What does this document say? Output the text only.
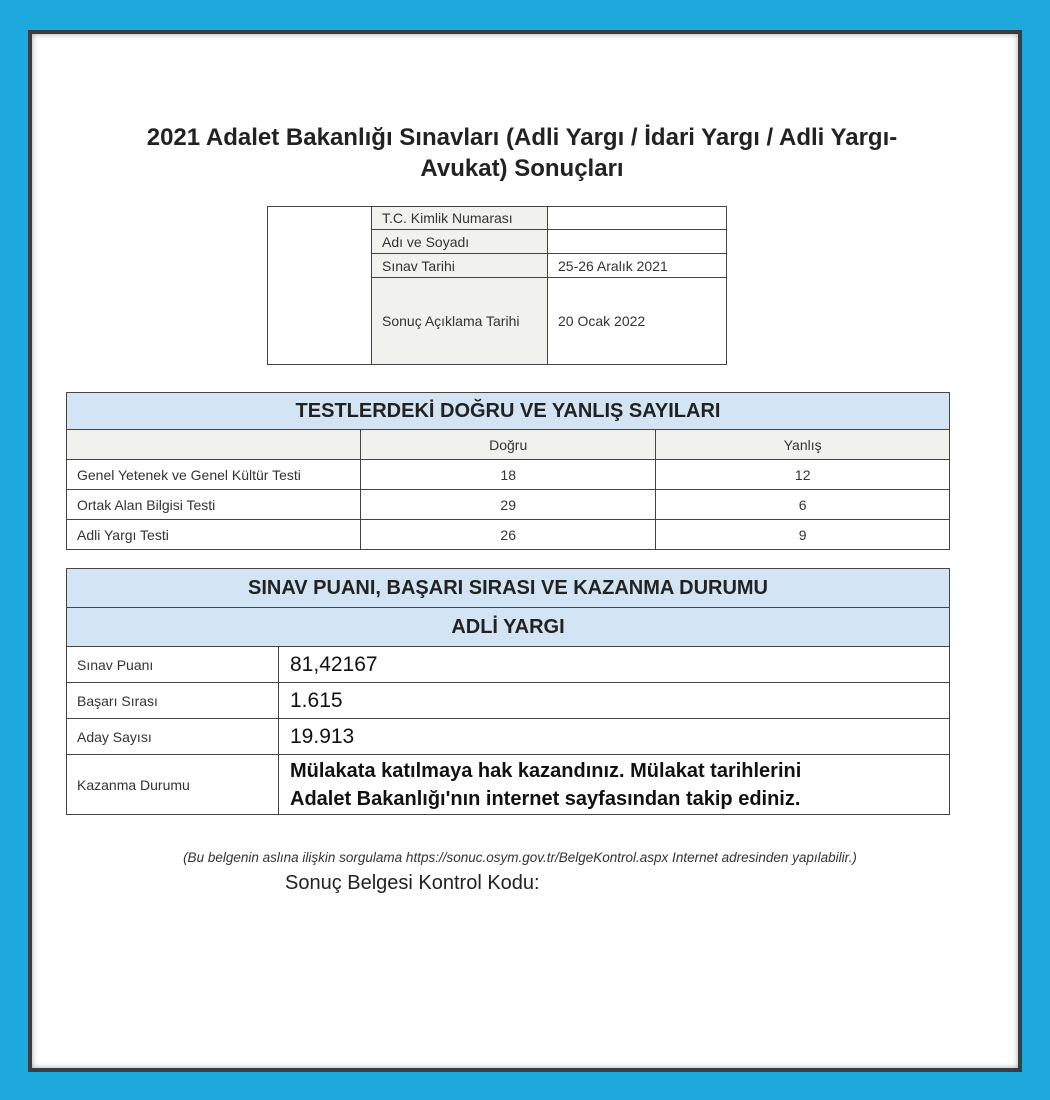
2021 Adalet Bakanlığı Sınavları (Adli Yargı / İdari Yargı / Adli Yargı-
Avukat) Sonuçları
	T.C. Kimlik Numarası	
	Adı ve Soyadı	
	Sınav Tarihi	25-26 Aralık 2021
	Sonuç Açıklama Tarihi	20 Ocak 2022
TESTLERDEKİ DOĞRU VE YANLIŞ SAYILARI		
	Doğru	Yanlış
Genel Yetenek ve Genel Kültür Testi	18	12
Ortak Alan Bilgisi Testi	29	6
Adli Yargı Testi	26	9
SINAV PUANI, BAŞARI SIRASI VE KAZANMA DURUMU	
ADLİ YARGI	
Sınav Puanı	81,42167
Başarı Sırası	1.615
Aday Sayısı	19.913
Kazanma Durumu	Mülakata katılmaya hak kazandınız. Mülakat tarihlerini
Adalet Bakanlığı'nın internet sayfasından takip ediniz.
(Bu belgenin aslına ilişkin sorgulama https://sonuc.osym.gov.tr/BelgeKontrol.aspx Internet adresinden yapılabilir.)
Sonuç Belgesi Kontrol Kodu:
